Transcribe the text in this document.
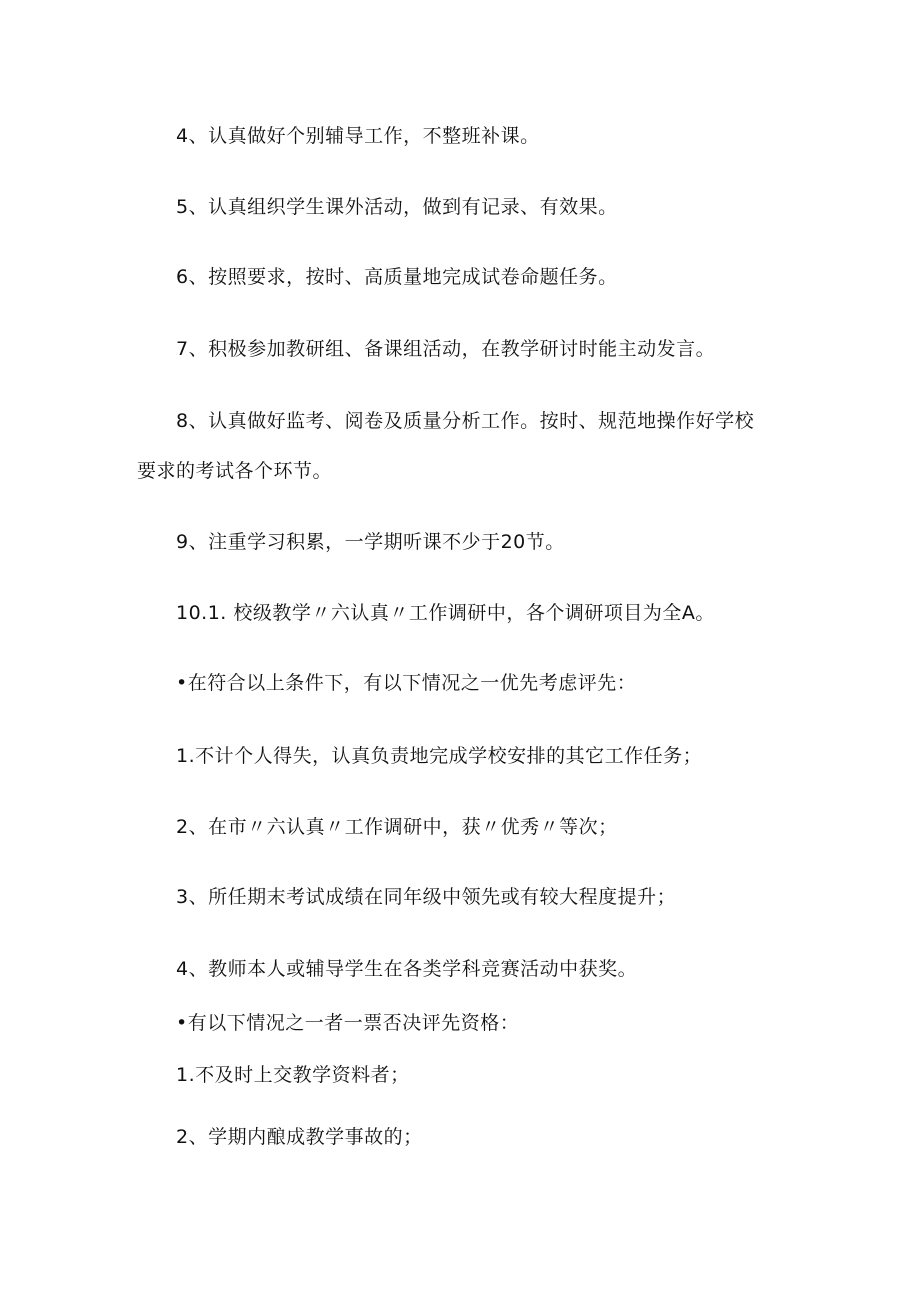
4、认真做好个别辅导工作，不整班补课。
5、认真组织学生课外活动，做到有记录、有效果。
6、按照要求，按时、高质量地完成试卷命题任务。
7、积极参加教研组、备课组活动，在教学研讨时能主动发言。
8、认真做好监考、阅卷及质量分析工作。按时、规范地操作好学校
要求的考试各个环节。
9、注重学习积累，一学期听课不少于20节。
10.1. 校级教学〃六认真〃工作调研中，各个调研项目为全A。
•在符合以上条件下，有以下情况之一优先考虑评先：
1.不计个人得失，认真负责地完成学校安排的其它工作任务；
2、在市〃六认真〃工作调研中，获〃优秀〃等次；
3、所任期末考试成绩在同年级中领先或有较大程度提升；
4、教师本人或辅导学生在各类学科竞赛活动中获奖。
•有以下情况之一者一票否决评先资格：
1.不及时上交教学资料者；
2、学期内酿成教学事故的；
